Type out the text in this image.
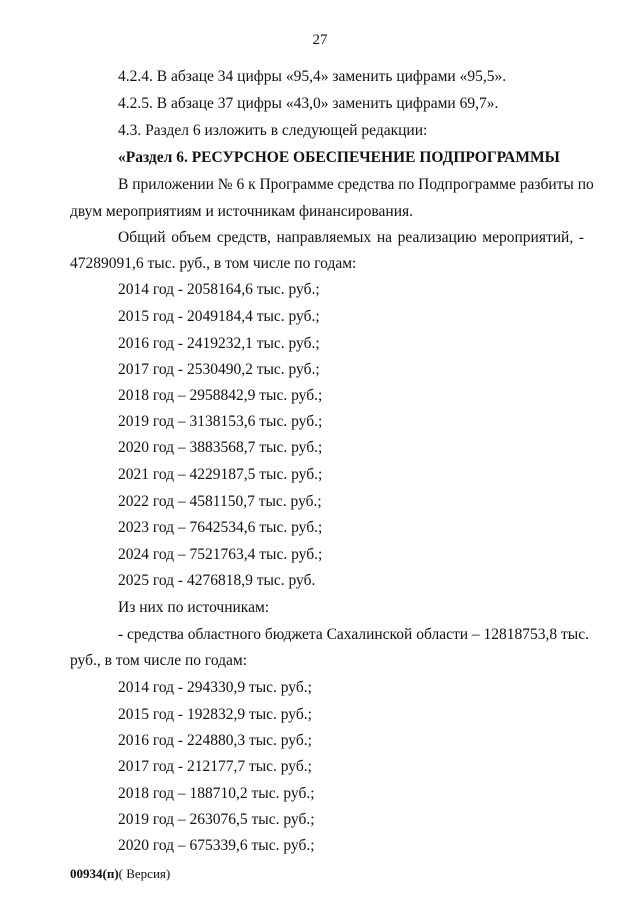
27
4.2.4. В абзаце 34 цифры «95,4» заменить цифрами «95,5».
4.2.5. В абзаце 37 цифры «43,0» заменить цифрами 69,7».
4.3. Раздел 6 изложить в следующей редакции:
«Раздел 6. РЕСУРСНОЕ ОБЕСПЕЧЕНИЕ ПОДПРОГРАММЫ
В приложении № 6 к Программе средства по Подпрограмме разбиты по
двум мероприятиям и источникам финансирования.
Общий объем средств, направляемых на реализацию мероприятий, -
47289091,6 тыс. руб., в том числе по годам:
2014 год - 2058164,6 тыс. руб.;
2015 год - 2049184,4 тыс. руб.;
2016 год - 2419232,1 тыс. руб.;
2017 год - 2530490,2 тыс. руб.;
2018 год – 2958842,9 тыс. руб.;
2019 год – 3138153,6 тыс. руб.;
2020 год – 3883568,7 тыс. руб.;
2021 год – 4229187,5 тыс. руб.;
2022 год – 4581150,7 тыс. руб.;
2023 год – 7642534,6 тыс. руб.;
2024 год – 7521763,4 тыс. руб.;
2025 год - 4276818,9 тыс. руб.
Из них по источникам:
- средства областного бюджета Сахалинской области – 12818753,8 тыс.
руб., в том числе по годам:
2014 год - 294330,9 тыс. руб.;
2015 год - 192832,9 тыс. руб.;
2016 год - 224880,3 тыс. руб.;
2017 год - 212177,7 тыс. руб.;
2018 год – 188710,2 тыс. руб.;
2019 год – 263076,5 тыс. руб.;
2020 год – 675339,6 тыс. руб.;
00934(п)( Версия)
